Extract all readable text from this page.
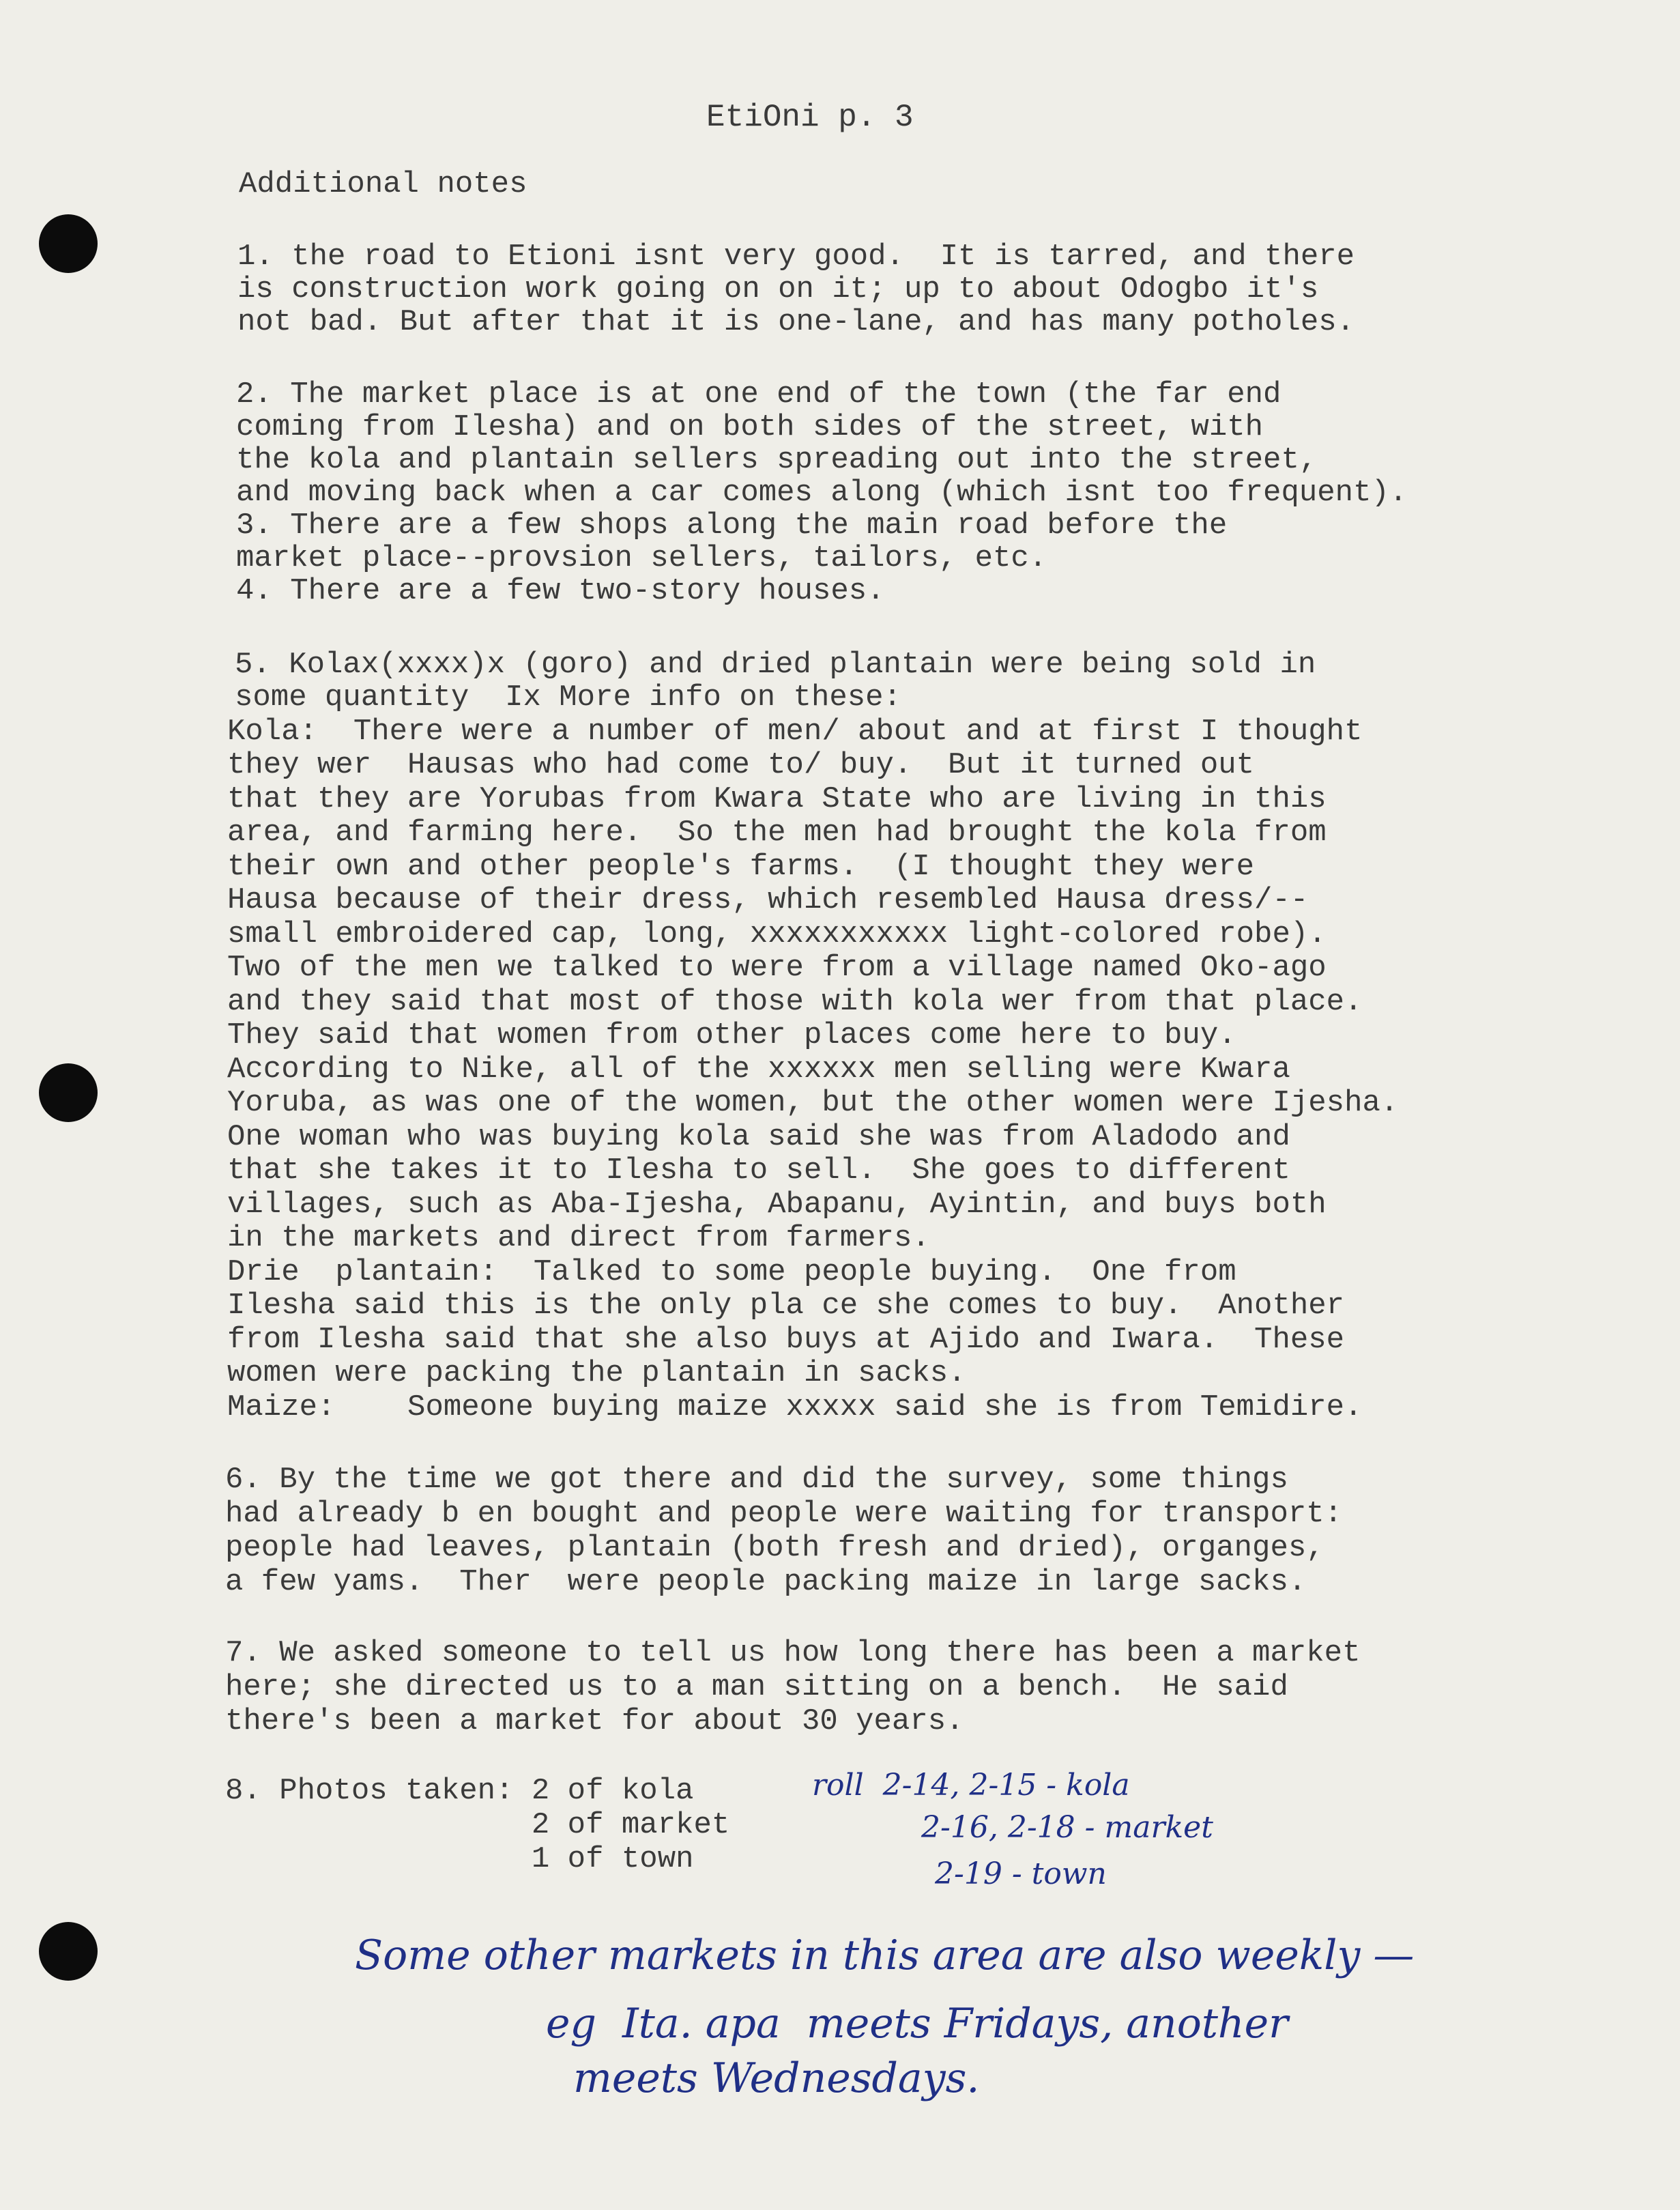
EtiOni p. 3

Additional notes

1. the road to Etioni isnt very good.  It is tarred, and there

is construction work going on on it; up to about Odogbo it's

not bad. But after that it is one-lane, and has many potholes.

2. The market place is at one end of the town (the far end

coming from Ilesha) and on both sides of the street, with

the kola and plantain sellers spreading out into the street,

and moving back when a car comes along (which isnt too frequent).

3. There are a few shops along the main road before the

market place--provsion sellers, tailors, etc.

4. There are a few two-story houses.

5. Kolax(xxxx)x (goro) and dried plantain were being sold in

some quantity  Ix More info on these:

Kola:  There were a number of men/ about and at first I thought

they wer  Hausas who had come to/ buy.  But it turned out

that they are Yorubas from Kwara State who are living in this

area, and farming here.  So the men had brought the kola from

their own and other people's farms.  (I thought they were

Hausa because of their dress, which resembled Hausa dress/--

small embroidered cap, long, xxxxxxxxxxx light-colored robe).

Two of the men we talked to were from a village named Oko-ago

and they said that most of those with kola wer from that place.

They said that women from other places come here to buy.

According to Nike, all of the xxxxxx men selling were Kwara

Yoruba, as was one of the women, but the other women were Ijesha.

One woman who was buying kola said she was from Aladodo and

that she takes it to Ilesha to sell.  She goes to different

villages, such as Aba-Ijesha, Abapanu, Ayintin, and buys both

in the markets and direct from farmers.

Drie  plantain:  Talked to some people buying.  One from

Ilesha said this is the only pla ce she comes to buy.  Another

from Ilesha said that she also buys at Ajido and Iwara.  These

women were packing the plantain in sacks.

Maize:    Someone buying maize xxxxx said she is from Temidire.

6. By the time we got there and did the survey, some things

had already b en bought and people were waiting for transport:

people had leaves, plantain (both fresh and dried), organges,

a few yams.  Ther  were people packing maize in large sacks.

7. We asked someone to tell us how long there has been a market

here; she directed us to a man sitting on a bench.  He said

there's been a market for about 30 years.

8. Photos taken: 2 of kola

2 of market

1 of town

roll  2-14, 2-15 - kola
2-16, 2-18 - market
2-19 - town
Some other markets in this area are also weekly —
eg  Ita. apa  meets Fridays, another
meets Wednesdays.
